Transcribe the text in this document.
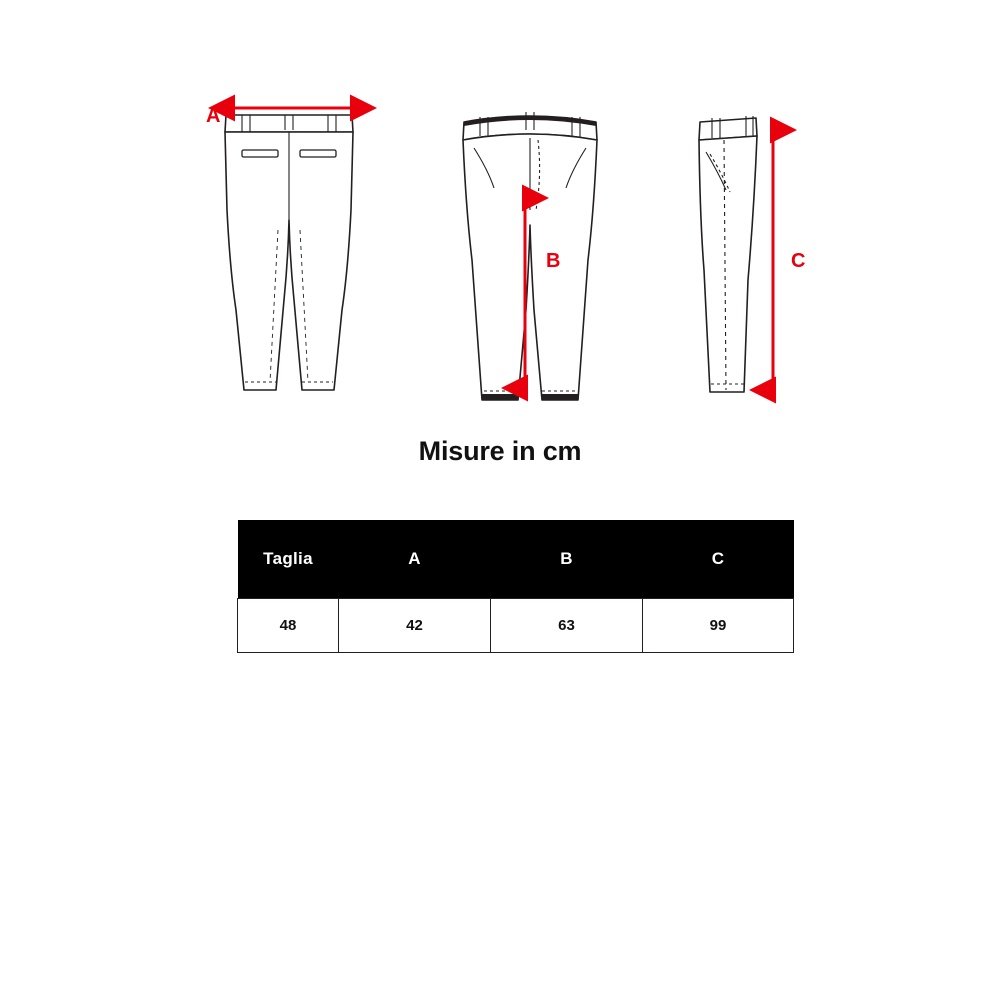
A
B	C
Misure in cm
Taglia	A	B	C
48	42	63	99
